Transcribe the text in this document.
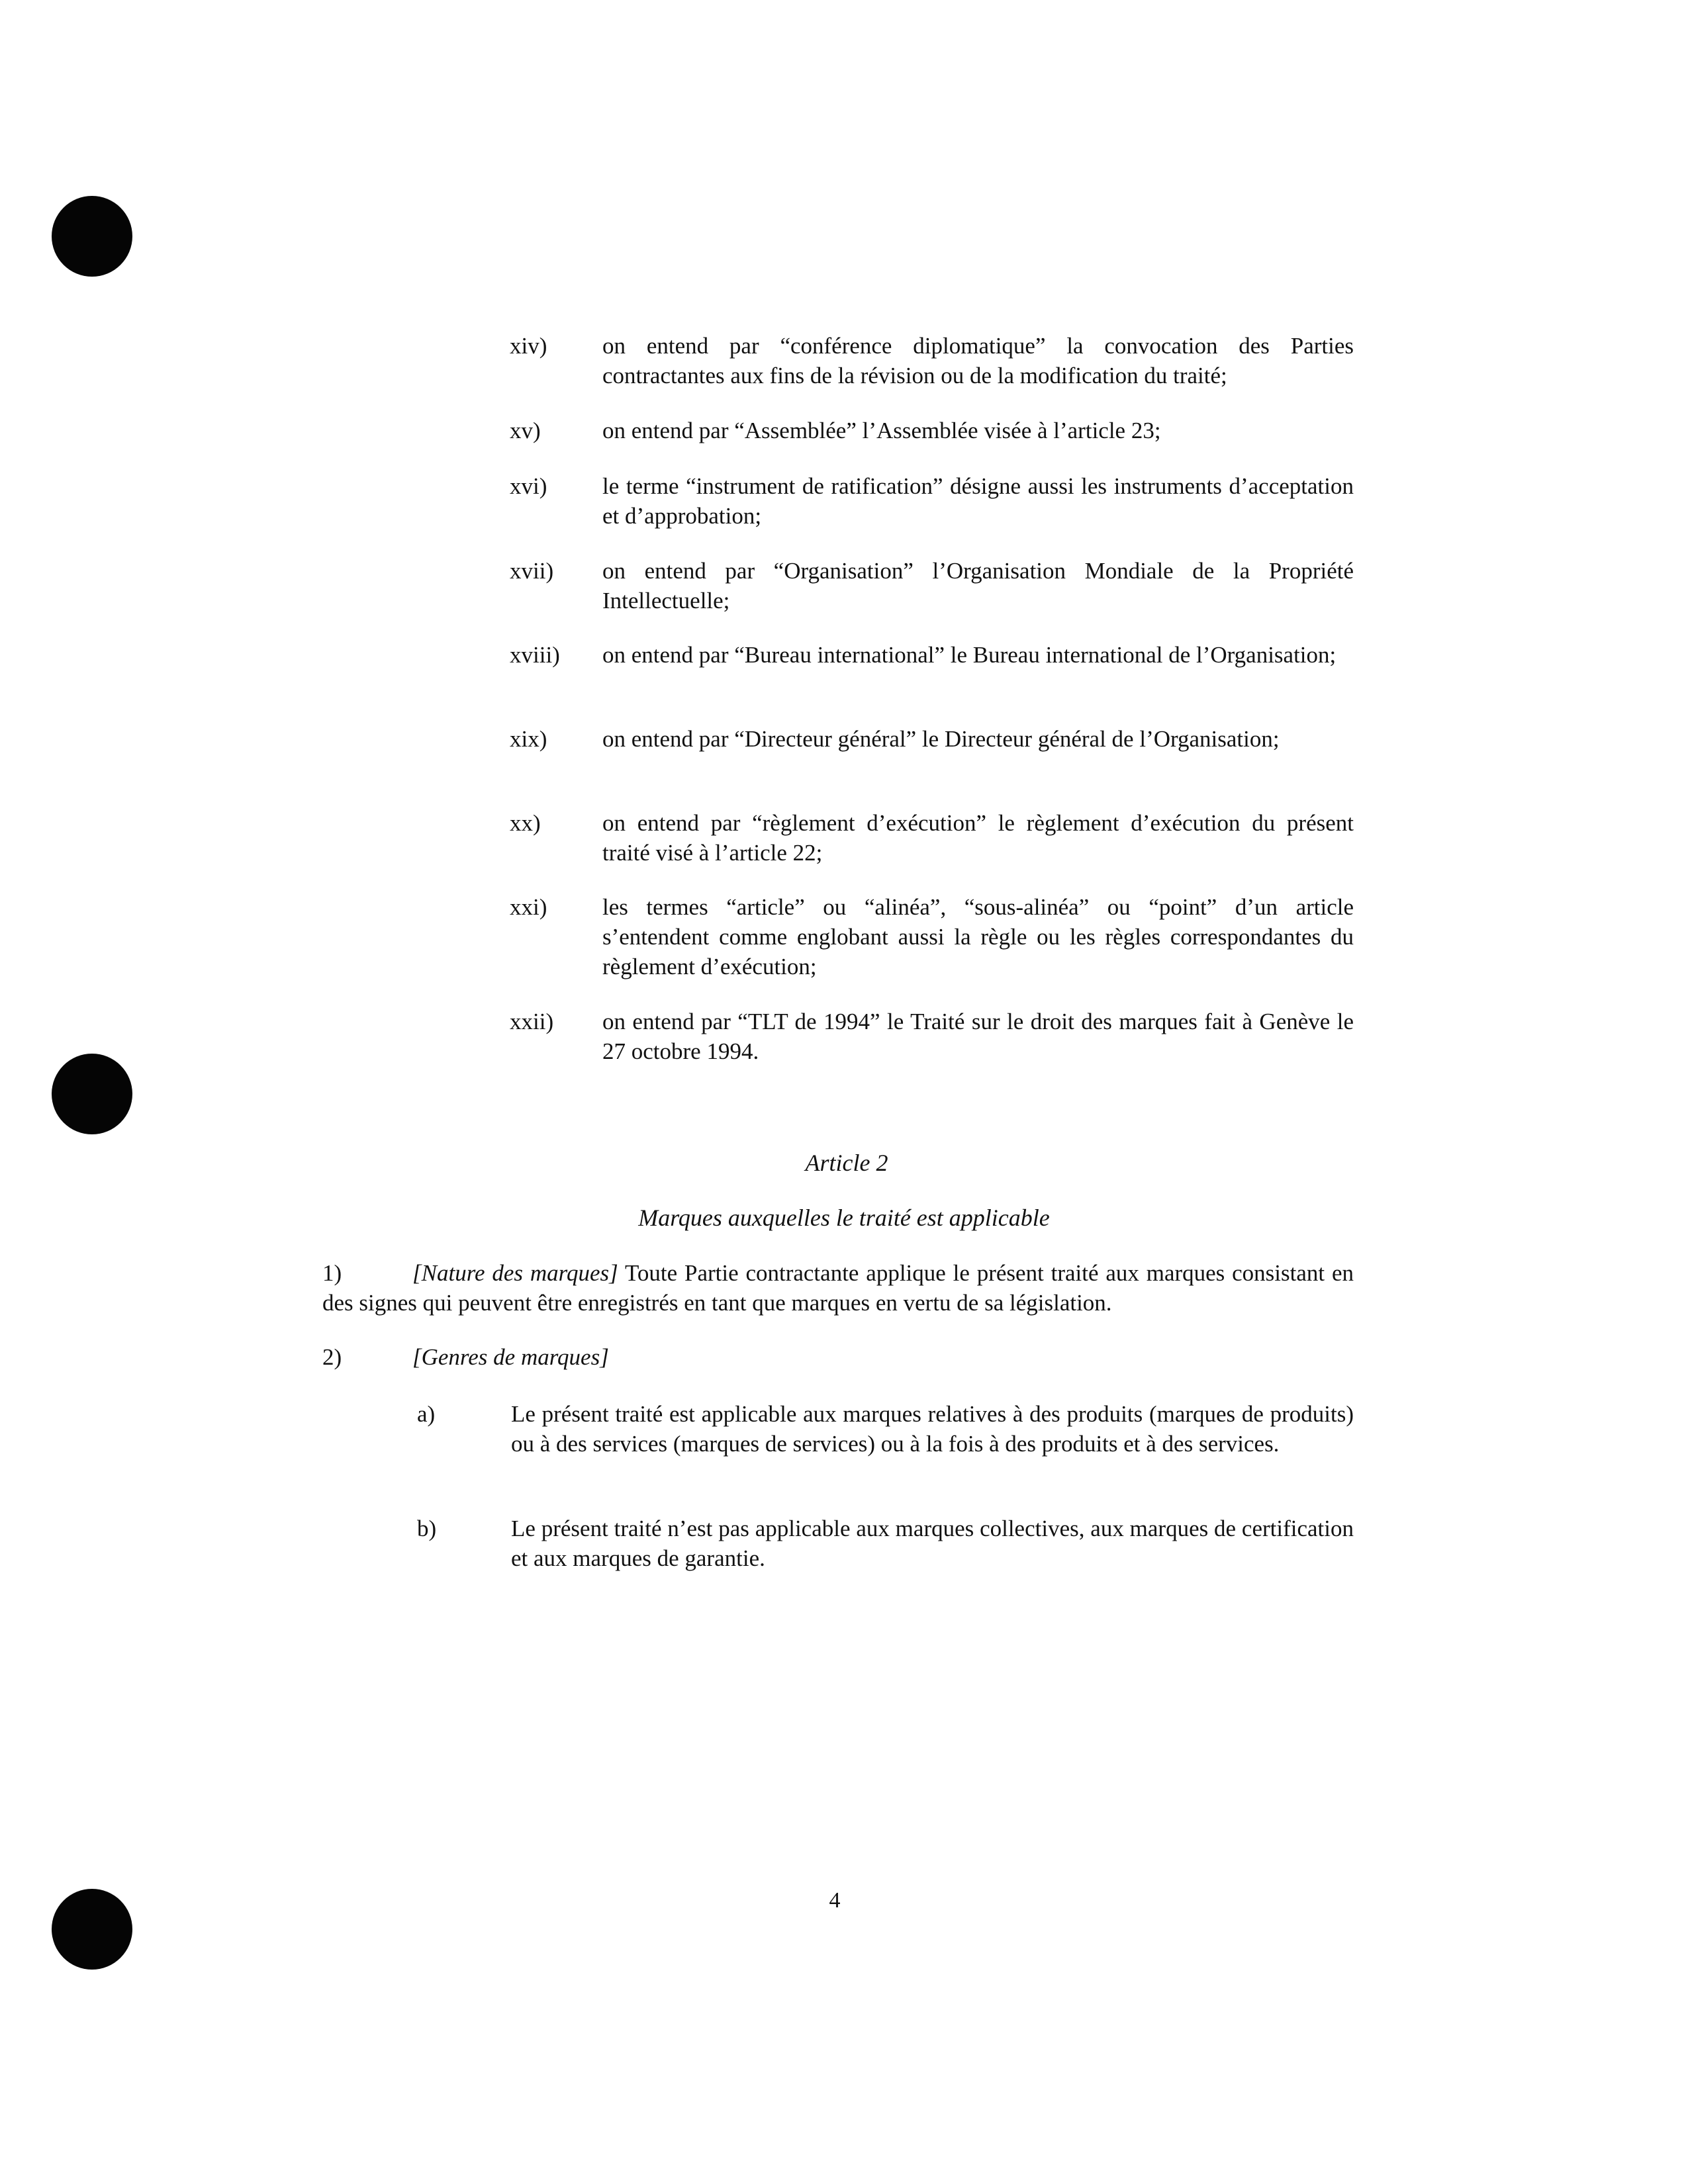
xiv)	on entend par “conférence diplomatique” la convocation des Parties contractantes aux fins de la révision ou de la modification du traité;
xv)	on entend par “Assemblée” l’Assemblée visée à l’article 23;
xvi)	le terme “instrument de ratification” désigne aussi les instruments d’acceptation et d’approbation;
xvii)	on entend par “Organisation” l’Organisation Mondiale de la Propriété Intellectuelle;
xviii)	on entend par “Bureau international” le Bureau international de l’Organisation;
xix)	on entend par “Directeur général” le Directeur général de l’Organisation;
xx)	on entend par “règlement d’exécution” le règlement d’exécution du présent traité visé à l’article 22;
xxi)	les termes “article” ou “alinéa”, “sous-alinéa” ou “point” d’un article s’entendent comme englobant aussi la règle ou les règles correspondantes du règlement d’exécution;
xxii)	on entend par “TLT de 1994” le Traité sur le droit des marques fait à Genève le 27 octobre 1994.
Article 2
Marques auxquelles le traité est applicable
1)	[Nature des marques] Toute Partie contractante applique le présent traité aux marques consistant en des signes qui peuvent être enregistrés en tant que marques en vertu de sa législation.
2)	[Genres de marques]
a)	Le présent traité est applicable aux marques relatives à des produits (marques de produits) ou à des services (marques de services) ou à la fois à des produits et à des services.
b)	Le présent traité n’est pas applicable aux marques collectives, aux marques de certification et aux marques de garantie.
4
